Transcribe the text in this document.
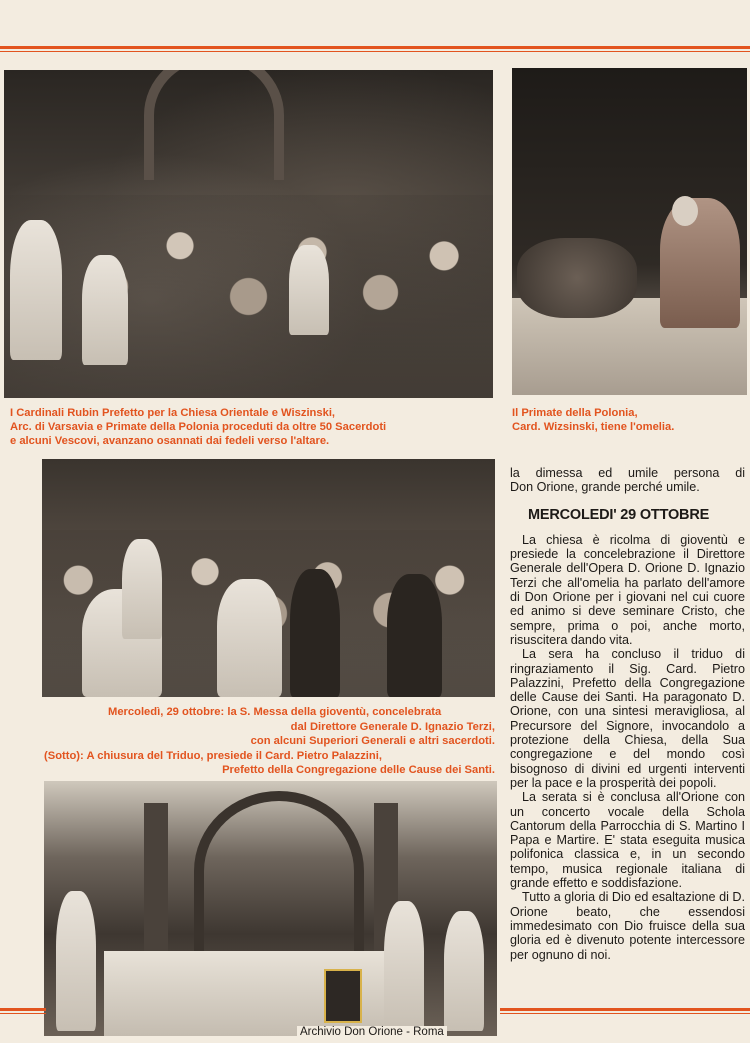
I Cardinali Rubin Prefetto per la Chiesa Orientale e Wiszinski,
Arc. di Varsavia e Primate della Polonia proceduti da oltre 50 Sacerdoti
e alcuni Vescovi, avanzano osannati dai fedeli verso l'altare.
Il Primate della Polonia,
Card. Wizsinski, tiene l'omelia.
Mercoledì, 29 ottobre: la S. Messa della gioventù, concelebrata
dal Direttore Generale D. Ignazio Terzi,
con alcuni Superiori Generali e altri sacerdoti.
(Sotto): A chiusura del Triduo, presiede il Card. Pietro Palazzini,
Prefetto della Congregazione delle Cause dei Santi.
la dimessa ed umile persona di
Don Orione, grande perché umile.
MERCOLEDI' 29 OTTOBRE

La chiesa è ricolma di gioventù e presiede la concelebrazione il Direttore Generale dell'Opera D. Orione D. Ignazio Terzi che all'omelia ha parlato dell'amore di Don Orione per i giovani nel cui cuore ed animo si deve seminare Cristo, che sempre, prima o poi, anche morto, risuscitera dando vita.

La sera ha concluso il triduo di ringraziamento il Sig. Card. Pietro Palazzini, Prefetto della Congregazione delle Cause dei Santi. Ha paragonato D. Orione, con una sintesi meravigliosa, al Precursore del Signore, invocandolo a protezione della Chiesa, della Sua congregazione e del mondo così bisognoso di divini ed urgenti interventi per la pace e la prosperità dei popoli.

La serata si è conclusa all'Orione con un concerto vocale della Schola Cantorum della Parrocchia di S. Martino I Papa e Martire. E' stata eseguita musica polifonica classica e, in un secondo tempo, musica regionale italiana di grande effetto e soddisfazione.

Tutto a gloria di Dio ed esaltazione di D. Orione beato, che essendosi immedesimato con Dio fruisce della sua gloria ed è divenuto potente intercessore per ognuno di noi.

Archivio Don Orione - Roma
